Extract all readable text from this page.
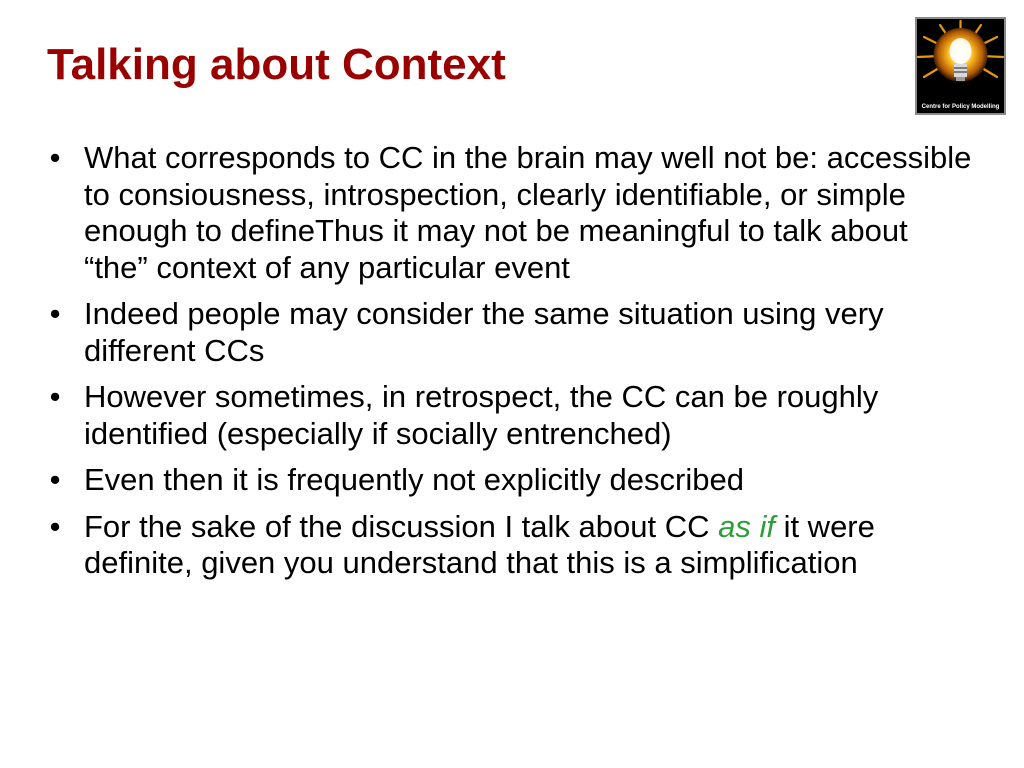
Talking about Context
Centre for Policy Modelling
• What corresponds to CC in the brain may well not be: accessible to consiousness, introspection, clearly identifiable, or simple enough to defineThus it may not be meaningful to talk about “the” context of any particular event
• Indeed people may consider the same situation using very different CCs
• However sometimes, in retrospect, the CC can be roughly identified (especially if socially entrenched)
• Even then it is frequently not explicitly described
• For the sake of the discussion I talk about CC as if it were definite, given you understand that this is a simplification
